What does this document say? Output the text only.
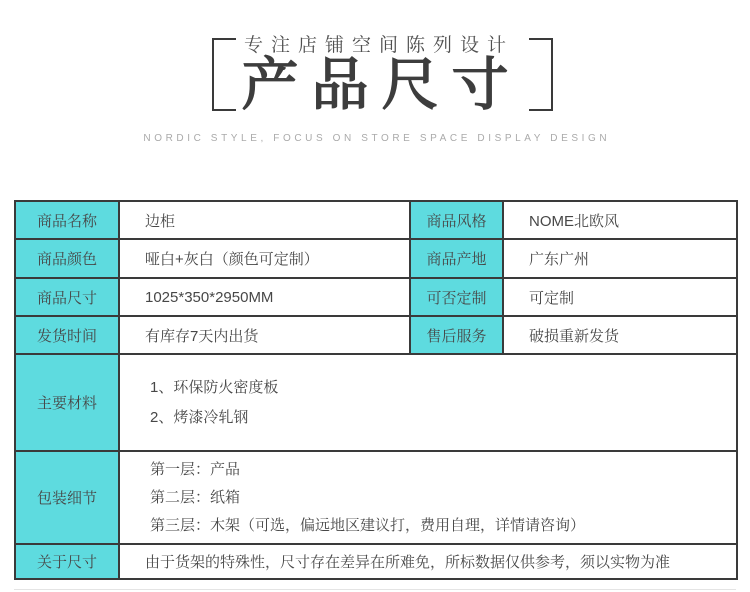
专注店铺空间陈列设计
产品尺寸
NORDIC STYLE, FOCUS ON STORE SPACE DISPLAY DESIGN
商品名称	边柜	商品风格	NOME北欧风
商品颜色	哑白+灰白（颜色可定制）	商品产地	广东广州
商品尺寸	1025*350*2950MM	可否定制	可定制
发货时间	有库存7天内出货	售后服务	破损重新发货
主要材料	1、环保防火密度板
2、烤漆冷轧钢		

包装细节	第一层：产品
第二层：纸箱
第三层：木架（可选，偏远地区建议打，费用自理，详情请咨询）		

关于尺寸	由于货架的特殊性，尺寸存在差异在所难免，所标数据仅供参考，须以实物为准		
